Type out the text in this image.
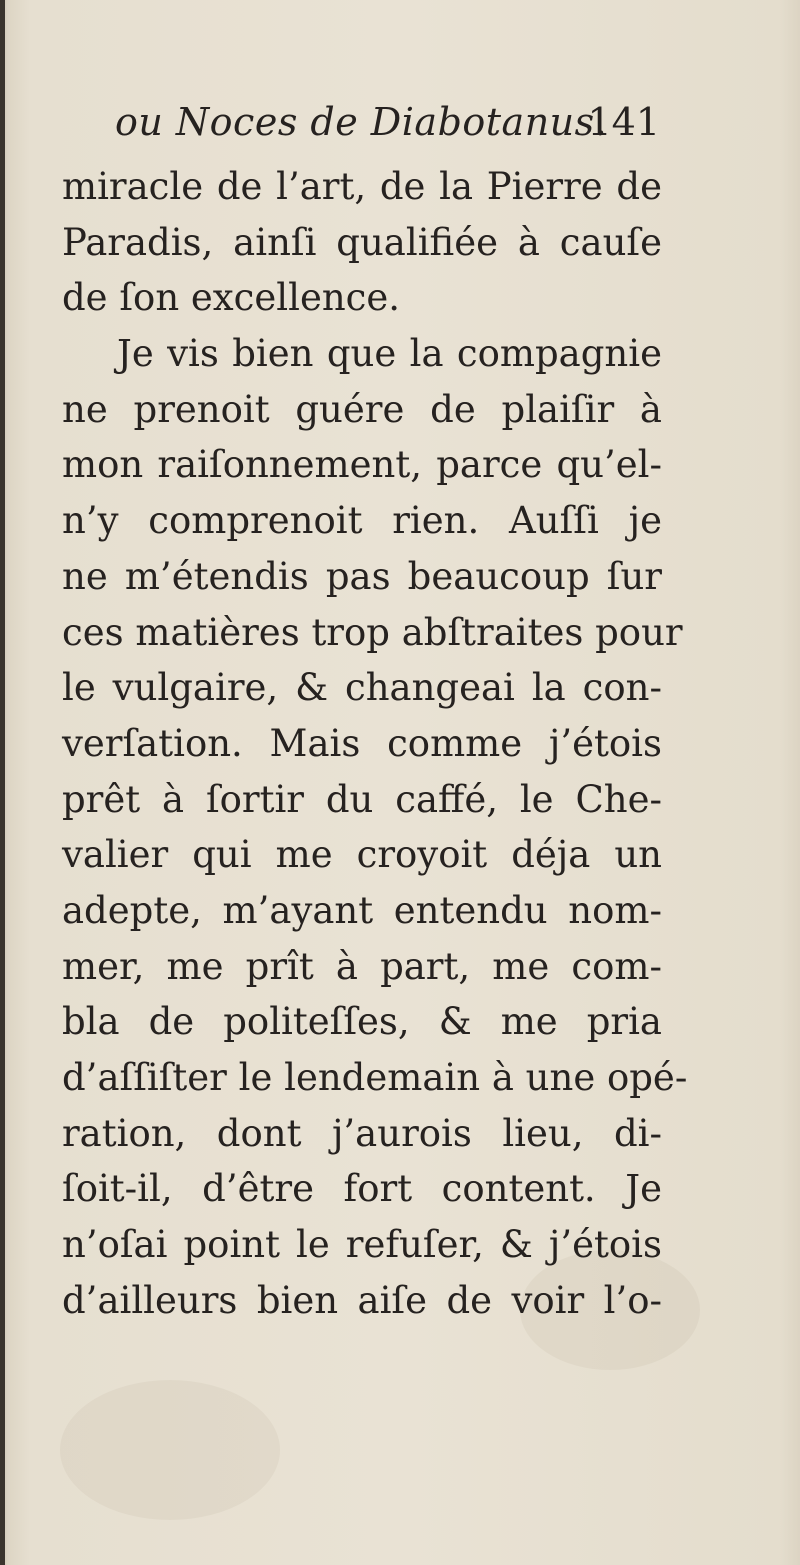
ou Noces de Diabotanus.
141
miracle de l’art, de la Pierre de
Paradis, ainſi qualifiée à cauſe
de ſon excellence.
Je vis bien que la compagnie
ne prenoit guére de plaiſir à
mon raiſonnement, parce qu’el-
n’y comprenoit rien. Auſſi je
ne m’étendis pas beaucoup ſur
ces matières trop abſtraites pour
le vulgaire, & changeai la con-
verſation. Mais comme j’étois
prêt à ſortir du caffé, le Che-
valier qui me croyoit déja un
adepte, m’ayant entendu nom-
mer, me prît à part, me com-
bla de politeſſes, & me pria
d’aſſiſter le lendemain à une opé-
ration, dont j’aurois lieu, di-
ſoit-il, d’être fort content. Je
n’oſai point le refuſer, & j’étois
d’ailleurs bien aiſe de voir l’o-
